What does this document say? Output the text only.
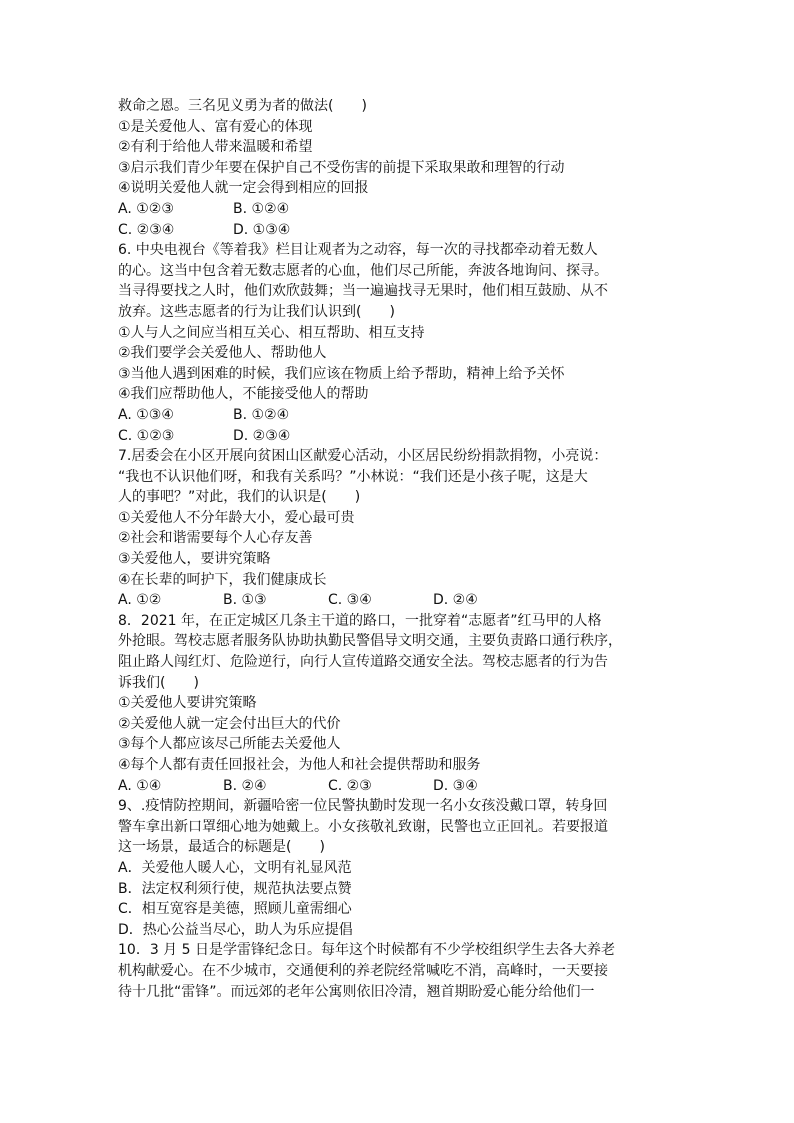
救命之恩。三名见义勇为者的做法(　　)
①是关爱他人、富有爱心的体现
②有利于给他人带来温暖和希望
③启示我们青少年要在保护自己不受伤害的前提下采取果敢和理智的行动
④说明关爱他人就一定会得到相应的回报
A. ①②③	B. ①②④
C. ②③④	D. ①③④
6. 中央电视台《等着我》栏目让观者为之动容，每一次的寻找都牵动着无数人
的心。这当中包含着无数志愿者的心血，他们尽己所能，奔波各地询问、探寻。
当寻得要找之人时，他们欢欣鼓舞；当一遍遍找寻无果时，他们相互鼓励、从不
放弃。这些志愿者的行为让我们认识到(　　)
①人与人之间应当相互关心、相互帮助、相互支持
②我们要学会关爱他人、帮助他人
③当他人遇到困难的时候，我们应该在物质上给予帮助，精神上给予关怀
④我们应帮助他人，不能接受他人的帮助
A. ①③④	B. ①②④
C. ①②③	D. ②③④
7.居委会在小区开展向贫困山区献爱心活动，小区居民纷纷捐款捐物，小亮说：
“我也不认识他们呀，和我有关系吗？”小林说：“我们还是小孩子呢，这是大
人的事吧？”对此，我们的认识是(　　)
①关爱他人不分年龄大小，爱心最可贵
②社会和谐需要每个人心存友善
③关爱他人，要讲究策略
④在长辈的呵护下，我们健康成长
A. ①②	B. ①③	C. ③④	D. ②④
8．2021 年，在正定城区几条主干道的路口，一批穿着“志愿者”红马甲的人格
外抢眼。驾校志愿者服务队协助执勤民警倡导文明交通，主要负责路口通行秩序，
阻止路人闯红灯、危险逆行，向行人宣传道路交通安全法。驾校志愿者的行为告
诉我们(　　)
①关爱他人要讲究策略
②关爱他人就一定会付出巨大的代价
③每个人都应该尽己所能去关爱他人
④每个人都有责任回报社会，为他人和社会提供帮助和服务
A. ①④	B. ②④	C. ②③	D. ③④
9、.疫情防控期间，新疆哈密一位民警执勤时发现一名小女孩没戴口罩，转身回
警车拿出新口罩细心地为她戴上。小女孩敬礼致谢，民警也立正回礼。若要报道
这一场景，最适合的标题是(　　)
A．关爱他人暖人心，文明有礼显风范
B．法定权利须行使，规范执法要点赞
C．相互宽容是美德，照顾儿童需细心
D．热心公益当尽心，助人为乐应提倡
10．3 月 5 日是学雷锋纪念日。每年这个时候都有不少学校组织学生去各大养老
机构献爱心。在不少城市，交通便利的养老院经常喊吃不消，高峰时，一天要接
待十几批“雷锋”。而远郊的老年公寓则依旧冷清，翘首期盼爱心能分给他们一
